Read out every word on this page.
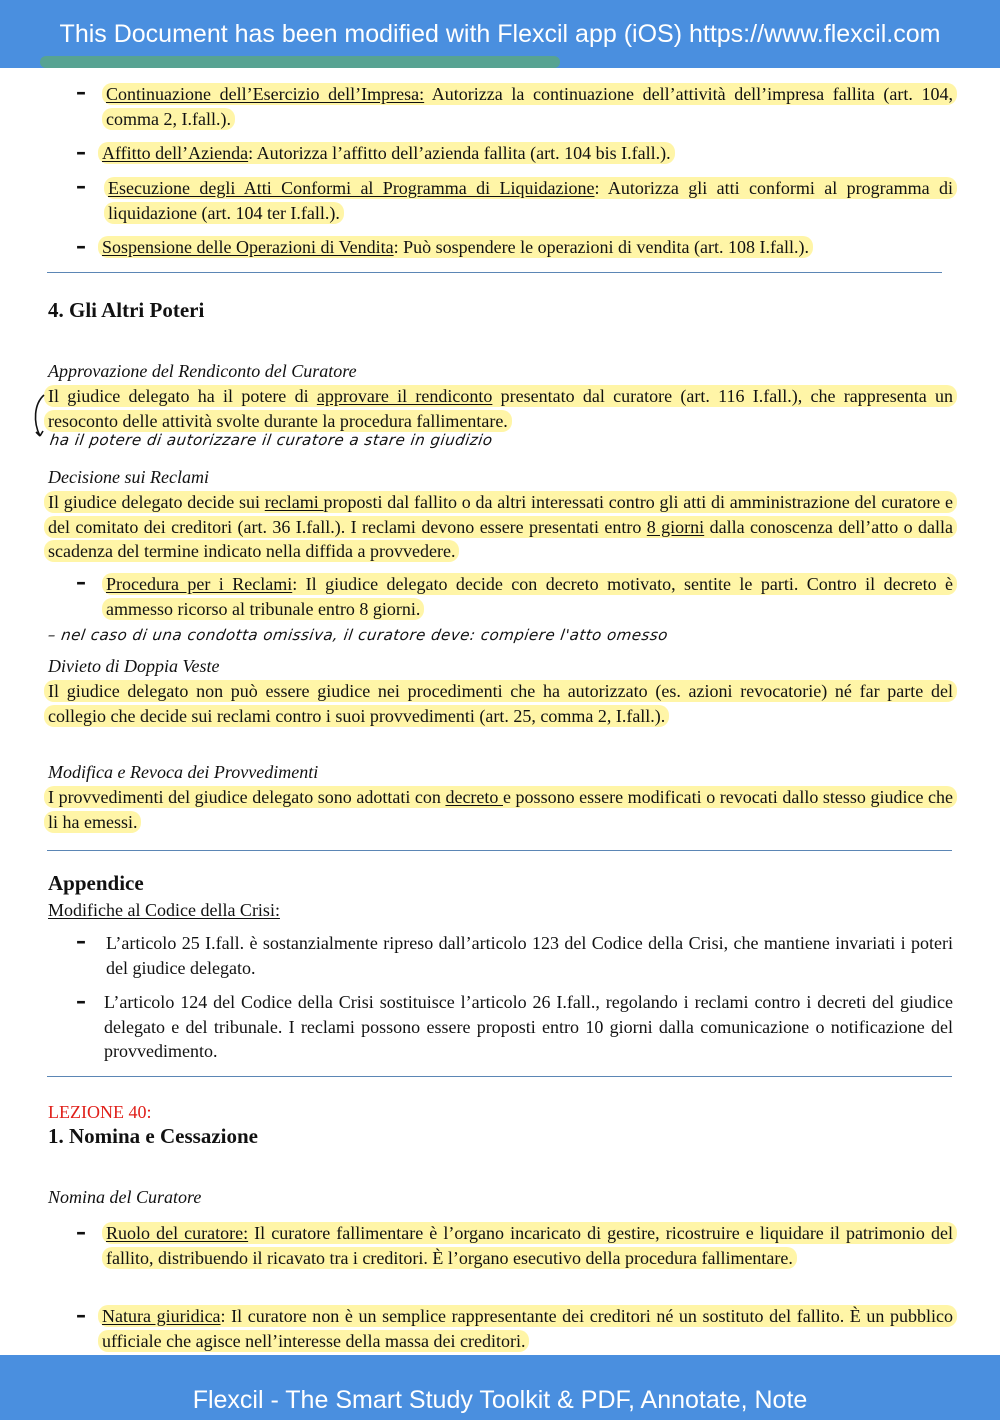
This Document has been modified with Flexcil app (iOS) https://www.flexcil.com
– Continuazione dell’Esercizio dell’Impresa: Autorizza la continuazione dell’attività dell’impresa fallita (art. 104, comma 2, I.fall.).
– Affitto dell’Azienda: Autorizza l’affitto dell’azienda fallita (art. 104 bis I.fall.).
– Esecuzione degli Atti Conformi al Programma di Liquidazione: Autorizza gli atti conformi al programma di liquidazione (art. 104 ter I.fall.).
– Sospensione delle Operazioni di Vendita: Può sospendere le operazioni di vendita (art. 108 I.fall.).
4. Gli Altri Poteri
Approvazione del Rendiconto del Curatore
Il giudice delegato ha il potere di approvare il rendiconto presentato dal curatore (art. 116 I.fall.), che rappresenta un resoconto delle attività svolte durante la procedura fallimentare.
ha il potere di autorizzare il curatore a stare in giudizio
Decisione sui Reclami
Il giudice delegato decide sui reclami proposti dal fallito o da altri interessati contro gli atti di amministrazione del curatore e del comitato dei creditori (art. 36 I.fall.). I reclami devono essere presentati entro 8 giorni dalla conoscenza dell’atto o dalla scadenza del termine indicato nella diffida a provvedere.
– Procedura per i Reclami: Il giudice delegato decide con decreto motivato, sentite le parti. Contro il decreto è ammesso ricorso al tribunale entro 8 giorni.
– nel caso di una condotta omissiva, il curatore deve: compiere l'atto omesso
Divieto di Doppia Veste
Il giudice delegato non può essere giudice nei procedimenti che ha autorizzato (es. azioni revocatorie) né far parte del collegio che decide sui reclami contro i suoi provvedimenti (art. 25, comma 2, I.fall.).
Modifica e Revoca dei Provvedimenti
I provvedimenti del giudice delegato sono adottati con decreto e possono essere modificati o revocati dallo stesso giudice che li ha emessi.
Appendice
Modifiche al Codice della Crisi:
– L’articolo 25 I.fall. è sostanzialmente ripreso dall’articolo 123 del Codice della Crisi, che mantiene invariati i poteri del giudice delegato.
– L’articolo 124 del Codice della Crisi sostituisce l’articolo 26 I.fall., regolando i reclami contro i decreti del giudice delegato e del tribunale. I reclami possono essere proposti entro 10 giorni dalla comunicazione o notificazione del provvedimento.
LEZIONE 40:
1. Nomina e Cessazione
Nomina del Curatore
– Ruolo del curatore: Il curatore fallimentare è l’organo incaricato di gestire, ricostruire e liquidare il patrimonio del fallito, distribuendo il ricavato tra i creditori. È l’organo esecutivo della procedura fallimentare.
– Natura giuridica: Il curatore non è un semplice rappresentante dei creditori né un sostituto del fallito. È un pubblico ufficiale che agisce nell’interesse della massa dei creditori.
Flexcil - The Smart Study Toolkit & PDF, Annotate, Note
